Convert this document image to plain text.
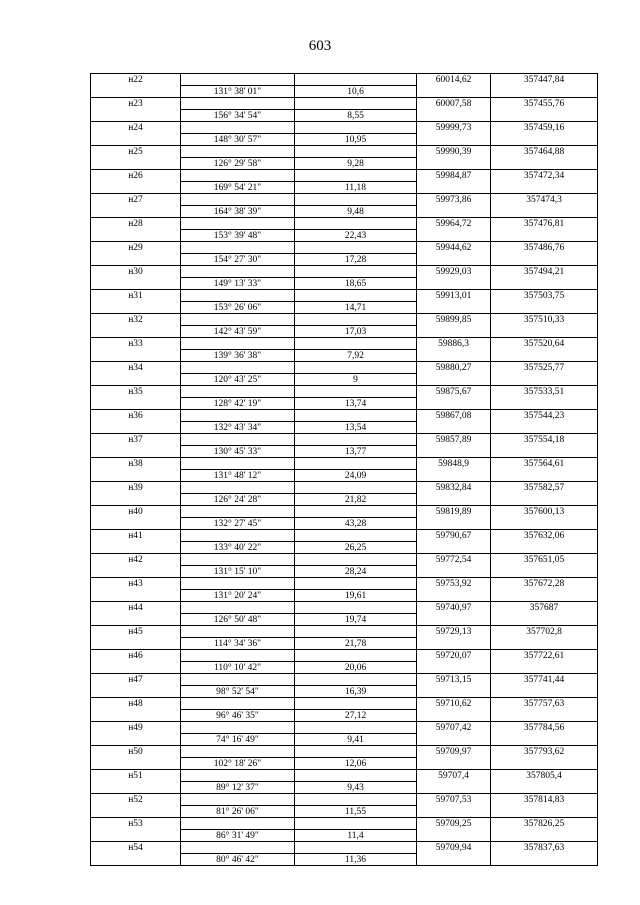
603
н22			60014,62	357447,84
	131° 38' 01"	10,6		
н23			60007,58	357455,76
	156° 34' 54"	8,55		
н24			59999,73	357459,16
	148° 30' 57"	10,95		
н25			59990,39	357464,88
	126° 29' 58"	9,28		
н26			59984,87	357472,34
	169° 54' 21"	11,18		
н27			59973,86	357474,3
	164° 38' 39"	9,48		
н28			59964,72	357476,81
	153° 39' 48"	22,43		
н29			59944,62	357486,76
	154° 27' 30"	17,28		
н30			59929,03	357494,21
	149° 13' 33"	18,65		
н31			59913,01	357503,75
	153° 26' 06"	14,71		
н32			59899,85	357510,33
	142° 43' 59"	17,03		
н33			59886,3	357520,64
	139° 36' 38"	7,92		
н34			59880,27	357525,77
	120° 43' 25"	9		
н35			59875,67	357533,51
	128° 42' 19"	13,74		
н36			59867,08	357544,23
	132° 43' 34"	13,54		
н37			59857,89	357554,18
	130° 45' 33"	13,77		
н38			59848,9	357564,61
	131° 48' 12"	24,09		
н39			59832,84	357582,57
	126° 24' 28"	21,82		
н40			59819,89	357600,13
	132° 27' 45"	43,28		
н41			59790,67	357632,06
	133° 40' 22"	26,25		
н42			59772,54	357651,05
	131° 15' 10"	28,24		
н43			59753,92	357672,28
	131° 20' 24"	19,61		
н44			59740,97	357687
	126° 50' 48"	19,74		
н45			59729,13	357702,8
	114° 34' 36"	21,78		
н46			59720,07	357722,61
	110° 10' 42"	20,06		
н47			59713,15	357741,44
	98° 52' 54"	16,39		
н48			59710,62	357757,63
	96° 46' 35"	27,12		
н49			59707,42	357784,56
	74° 16' 49"	9,41		
н50			59709,97	357793,62
	102° 18' 26"	12,06		
н51			59707,4	357805,4
	89° 12' 37"	9,43		
н52			59707,53	357814,83
	81° 26' 06"	11,55		
н53			59709,25	357826,25
	86° 31' 49"	11,4		
н54			59709,94	357837,63
	80° 46' 42"	11,36		
